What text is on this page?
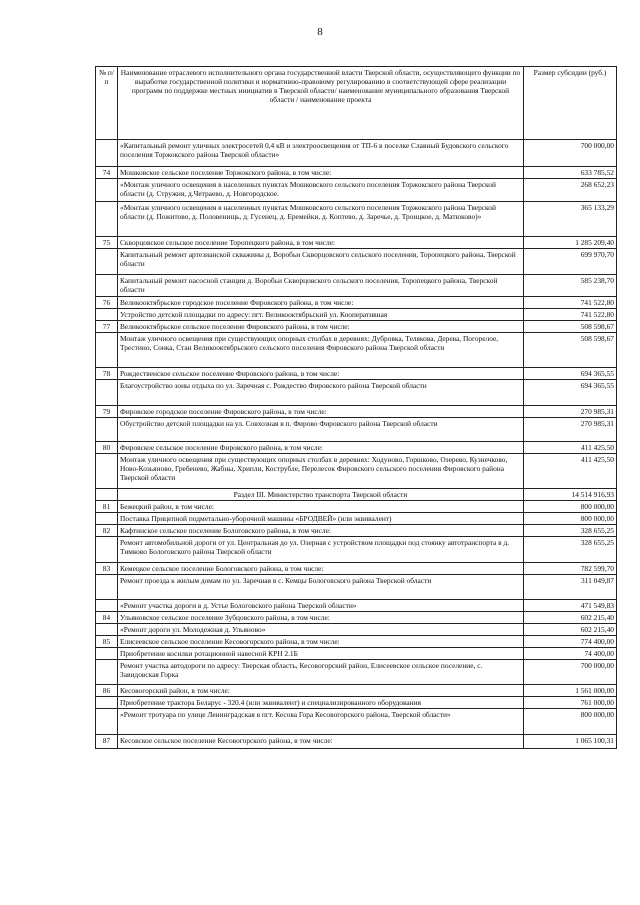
8
№ п/п	Наименование отраслевого исполнительного органа государственной власти Тверской области, осуществляющего функции по выработке государственной политики и нормативно-правовому регулированию в соответствующей сфере реализации программ по поддержке местных инициатив в Тверской области/ наименование муниципального образования Тверской области / наименование проекта	Размер субсидии (руб.)
	«Капитальный ремонт уличных электросетей 0,4 кВ и электроосвещения от ТП-6 в поселке Славный Будовского сельского поселения Торжокского района Тверской области»	700 000,00
74	Мошковское сельское поселение Торжокского района, в том числе:	633 785,52
	«Монтаж уличного освещения в населенных пунктах Мошковского сельского поселения Торжокского района Тверской области (д. Стружня, д.Четраево, д. Новгородское.	268 652,23
	«Монтаж уличного освещения в населенных пунктах Мошковского сельского поселения Торжокского района Тверской области (д. Пожитово, д. Половенищь, д. Гусенец, д. Еремейки, д. Коптево, д. Заречье, д. Троицкое, д. Матюково)»	365 133,29
75	Скворцовское сельское поселение Торопецкого района, в том числе:	1 285 209,40
	Капитальный ремонт артезианской скважины д. Воробьи Скворцовского сельского поселения, Торопецкого района, Тверской области	699 970,70
	Капитальный ремонт насосной станции д. Воробьи Скворцовского сельского поселения, Торопецкого района, Тверской области	585 238,70
76	Великооктябрьское городское поселение Фировского района, в том числе:	741 522,80
	Устройство детской площадки по адресу: пгт. Великооктябрьский ул. Кооперативная	741 522,80
77	Великооктябрьское сельское поселение Фировского района, в том числе:	508 598,67
	Монтаж уличного освещения при существующих опорных столбах в деревнях: Дубровка, Телякова, Дерева, Погорелое, Трестино, Сонка, Стан Великооктябрьского сельского поселения Фировского района Тверской области	508 598,67
78	Рождественское сельское поселение Фировского района, в том числе:	694 365,55
	Благоустройство зоны отдыха по ул. Заречная с. Рождество Фировского района Тверской области	694 365,55
79	Фировское городское поселение Фировского района, в том числе:	270 985,31
	Обустройство детской площадки на ул. Совхозная в п. Фирово Фировского района Тверской области	270 985,31
80	Фировское сельское поселение Фировского района, в том числе:	411 425,50
	Монтаж уличного освещения при существующих опорных столбах в деревнях: Ходуново, Горшково, Озерево, Кузнечково, Ново-Козьяново, Гребенево, Жабны, Хрипли, Кострубле, Перелесок Фировского сельского поселения Фировского района Тверской области	411 425,50
	Раздел III. Министерство транспорта Тверской области	14 514 916,93
81	Бежецкий район, в том числе:	800 000,00
	Поставка Прицепной подметально-уборочной машины «БРОДВЕЙ» (или эквивалент)	800 000,00
82	Кафтинское сельское поселение Бологовского района, в том числе:	328 655,25
	Ремонт автомобильной дороги от ул. Центральная до ул. Озерная с устройством площадки под стоянку автотранспорта в д. Тимково Бологовского района Тверской области	328 655,25
83	Кемецкое сельское поселение Бологовского района, в том числе:	782 599,70
	Ремонт проезда к жилым домам по ул. Заречная в с. Кемцы Бологовского района Тверской области	311 049,87
	«Ремонт участка дороги в д. Устье Бологовского района Тверской области»	471 549,83
84	Ульяновское сельское поселение Зубцовского района, в том числе:	602 215,40
	«Ремонт дороги ул. Молодежная д. Ульяново»	602 215,40
85	Елисеевское сельское поселение Кесовогорского района, в том числе:	774 400,00
	Приобретение косилки ротационной навесной КРН 2.1Б	74 400,00
	Ремонт участка автодороги по адресу: Тверская область, Кесовогорский район, Елисеевское сельское поселение, с. Завидовская Горка	700 000,00
86	Кесовогорский район, в том числе:	1 561 000,00
	Приобретение трактора Беларус - 320.4 (или эквивалент) и специализированного оборудования	761 000,00
	«Ремонт тротуара по улице Ленинградская в пгт. Кесова Гора Кесовогорского района, Тверской области»	800 000,00
87	Кесовское сельское поселение Кесовогорского района, в том числе:	1 065 100,31
